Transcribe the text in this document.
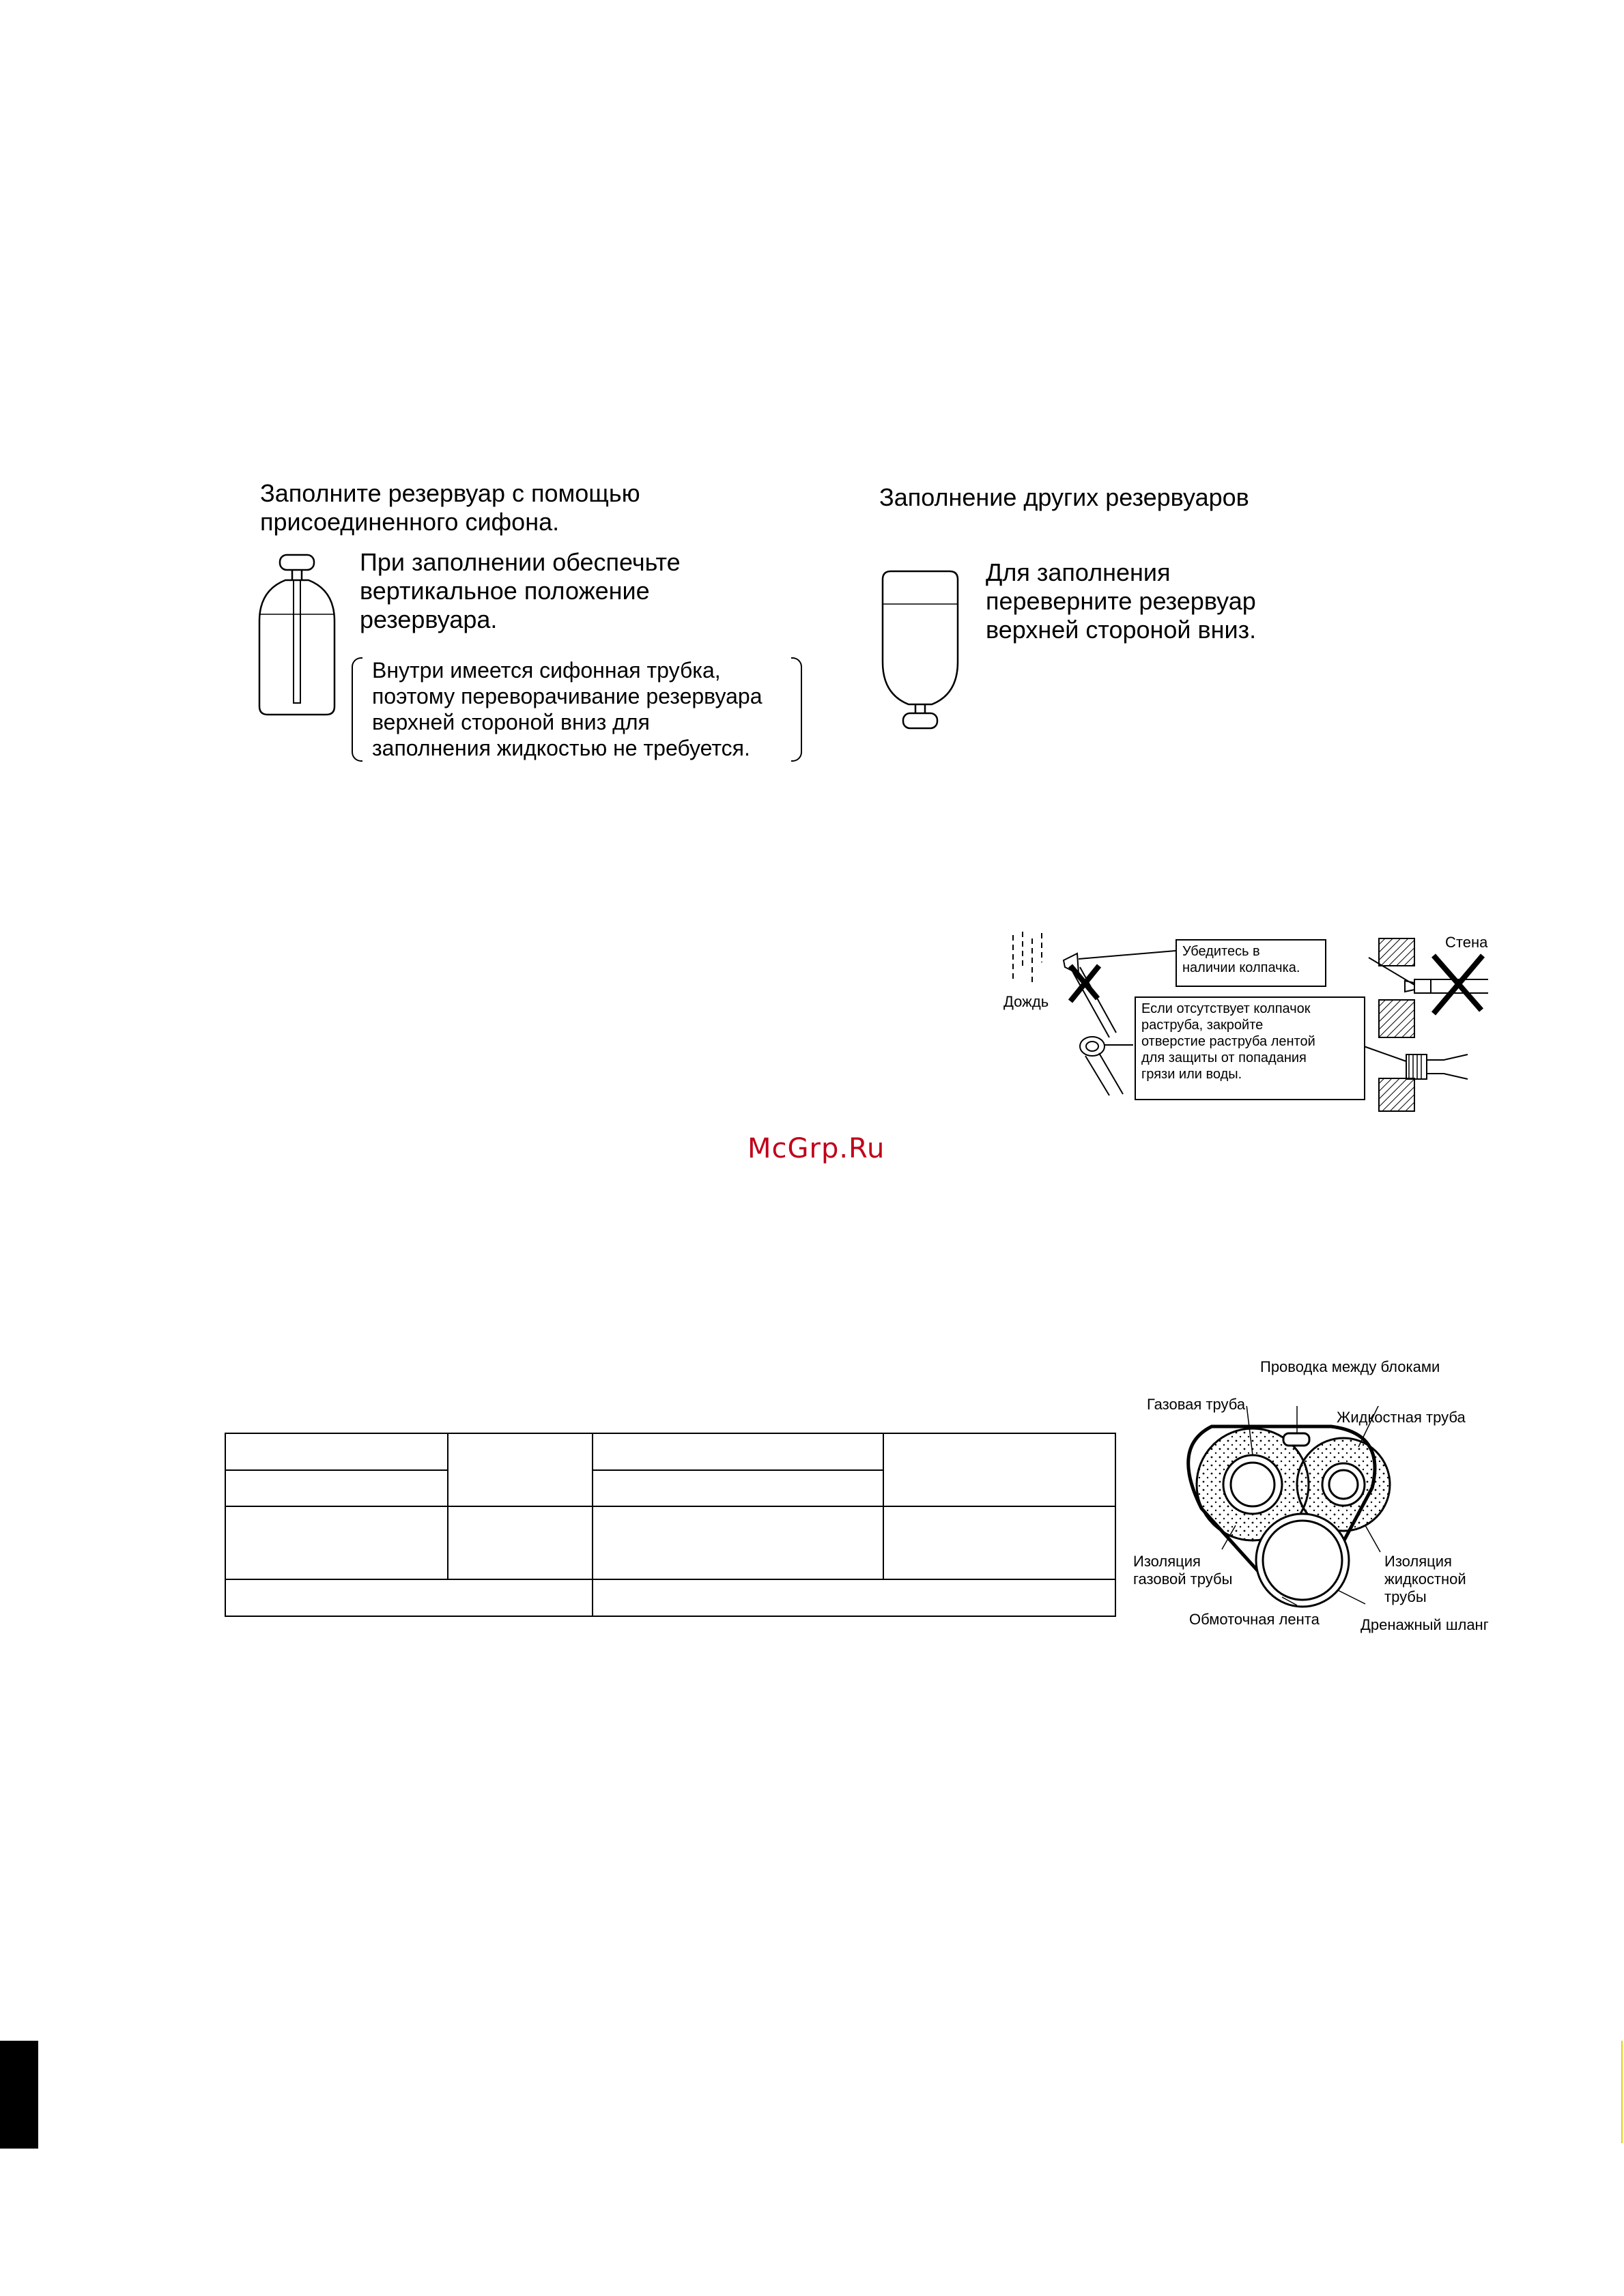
Заполните резервуар с помощью
присоединенного сифона.
При заполнении обеспечьте
вертикальное положение
резервуара.
Внутри имеется сифонная трубка,
поэтому переворачивание резервуара
верхней стороной вниз для
заполнения жидкостью не требуется.
Заполнение других резервуаров
Для заполнения
переверните резервуар
верхней стороной вниз.
Стена
Дождь
Убедитесь в
наличии колпачка.
Если отсутствует колпачок
раструба, закройте
отверстие раструба лентой
для защиты от попадания
грязи или воды.
McGrp.Ru

Проводка между блоками
Газовая труба
Жидкостная труба
Изоляция
газовой трубы
Изоляция
жидкостной
трубы
Обмоточная лента	Дренажный шланг
